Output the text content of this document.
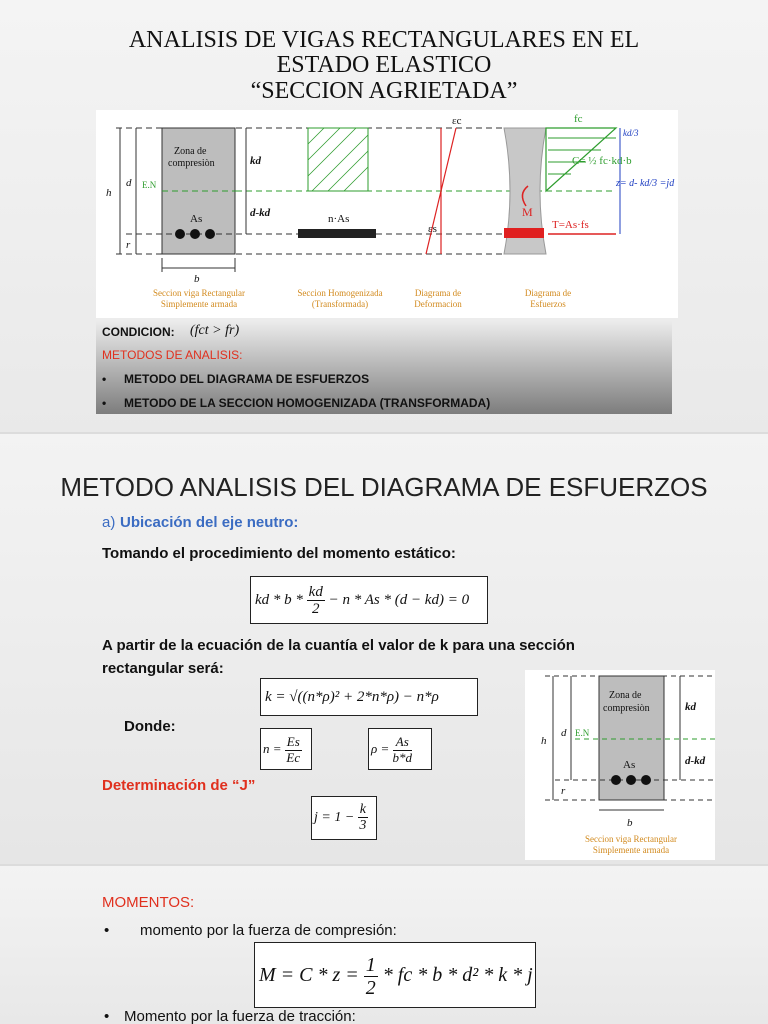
ANALISIS DE VIGAS RECTANGULARES EN EL
ESTADO ELASTICO
“SECCION AGRIETADA”
Zona de
compresiòn
E.N
As
h
d
r
b
kd
d-kd	n·As
εc
εs
fc
kd/3
C= ½ fc·kd·b
z= d- kd/3 =jd
M
T=As·fs
Seccion viga Rectangular
Simplemente armada
Seccion Homogenizada
(Transformada)
Diagrama de
Deformacion
Diagrama de
Esfuerzos
CONDICION: (fct > fr)
METODOS DE ANALISIS:
• METODO DEL DIAGRAMA DE ESFUERZOS
• METODO DE LA SECCION HOMOGENIZADA (TRANSFORMADA)
METODO ANALISIS DEL DIAGRAMA DE ESFUERZOS
a) Ubicación del eje neutro:
Tomando el procedimiento del momento estático:
kd * $b * \frac{kd}{2} - n * As * (d - kd) = 0$
A partir de la ecuación de la cuantía el valor de k para una sección
rectangular será:
k = √((n*ρ)² + 2*n*ρ) − n*ρ
Donde:
$n = \frac{Es}{Ec}$	$\rho = \frac{As}{b*d}$
Determinación de “J”
$j = 1 - \frac{k}{3}$
Zona de
compresiòn
E.N
As
h
d
r
b
kd
d-kd
Seccion viga Rectangular
Simplemente armada
MOMENTOS:
• momento por la fuerza de compresión:
$M = C * z = \frac{1}{2}$ * fc * b * d² * k * j
• Momento por la fuerza de tracción:
